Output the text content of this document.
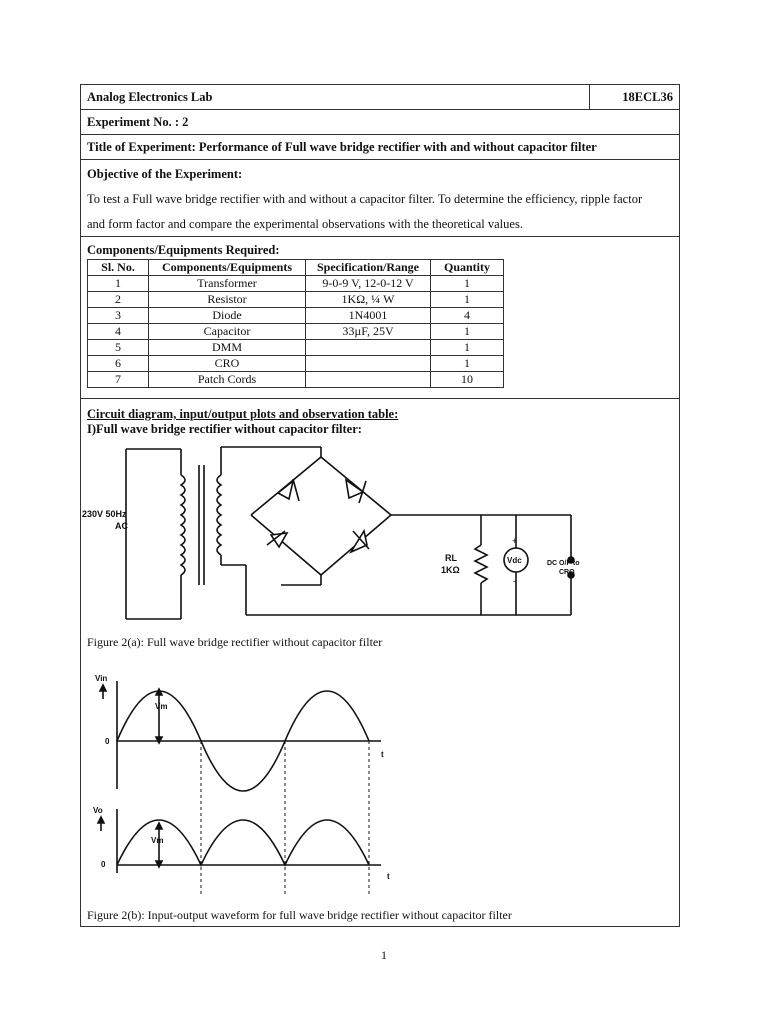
Analog Electronics Lab	18ECL36
Experiment No. : 2
Title of Experiment: Performance of Full wave bridge rectifier with and without capacitor filter

Objective of the Experiment:

To test a Full wave bridge rectifier with and without a capacitor filter. To determine the efficiency, ripple factor

and form factor and compare the experimental observations with the theoretical values.

Components/Equipments Required:
Sl. No.	Components/Equipments	Specification/Range	Quantity
1	Transformer	9-0-9 V, 12-0-12 V	1
2	Resistor	1KΩ, ¼ W	1
3	Diode	1N4001	4
4	Capacitor	33µF, 25V	1
5	DMM		1
6	CRO		1
7	Patch Cords		10
Circuit diagram, input/output plots and observation table:
I)Full wave bridge rectifier without capacitor filter:
230V 50Hz
AC
RL
1KΩ
Vdc
+
-
DC O/P to
CRO
Figure 2(a): Full wave bridge rectifier without capacitor filter
Vin
Vm
0
t
Vo
Vm
0
t
Figure 2(b): Input-output waveform for full wave bridge rectifier without capacitor filter
1
